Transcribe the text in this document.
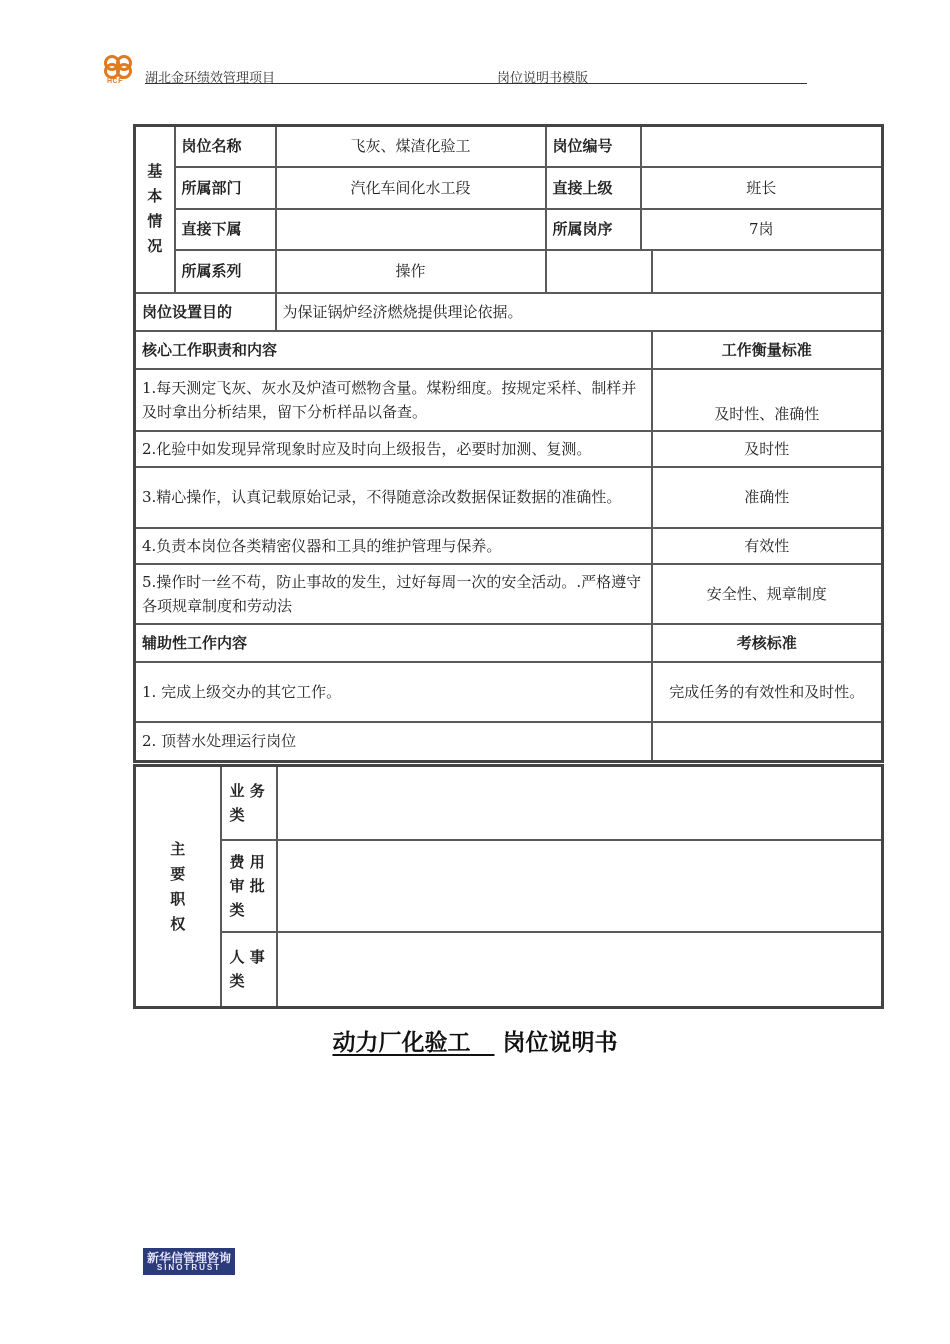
HCF 湖北金环绩效管理项目	岗位说明书模版
基
本
情
况	岗位名称	飞灰、煤渣化验工	岗位编号		
	所属部门	汽化车间化水工段	直接上级	班长	
	直接下属		所属岗序	7岗	
	所属系列	操作			
岗位设置目的		为保证锅炉经济燃烧提供理论依据。			
核心工作职责和内容					工作衡量标准
1.每天测定飞灰、灰水及炉渣可燃物含量。煤粉细度。按规定采样、制样并及时拿出分析结果，留下分析样品以备查。					及时性、准确性
2.化验中如发现异常现象时应及时向上级报告，必要时加测、复测。					及时性
3.精心操作，认真记载原始记录，不得随意涂改数据保证数据的准确性。					准确性
4.负责本岗位各类精密仪器和工具的维护管理与保养。					有效性
5.操作时一丝不苟，防止事故的发生，过好每周一次的安全活动。.严格遵守各项规章制度和劳动法					安全性、规章制度
辅助性工作内容					考核标准
1. 完成上级交办的其它工作。					完成任务的有效性和及时性。
2. 顶替水处理运行岗位					
主
要
职
权	业 务 类	
	费 用 审 批 类	
	人 事 类	
动力厂化验工 岗位说明书
新华信管理咨询
SINOTRUST
